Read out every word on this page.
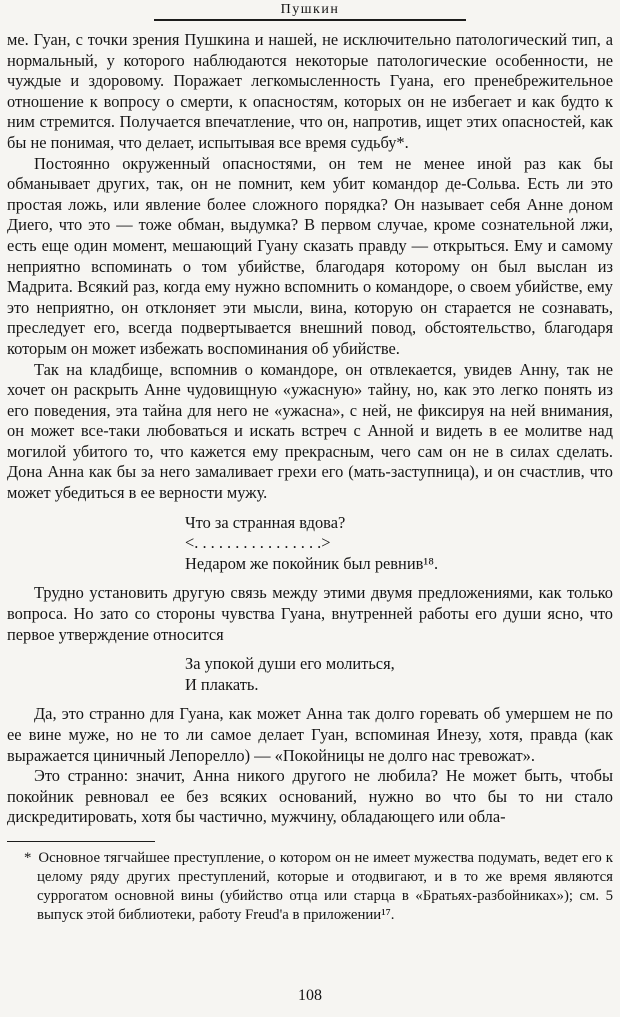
Пушкин

ме. Гуан, с точки зрения Пушкина и нашей, не исключительно патологический тип, а нормальный, у которого наблюдаются некоторые патологические особенности, не чуждые и здоровому. Поражает легкомысленность Гуана, его пренебрежительное отношение к вопросу о смерти, к опасностям, которых он не избегает и как будто к ним стремится. Получается впечатление, что он, напротив, ищет этих опасностей, как бы не понимая, что делает, испытывая все время судьбу*.

Постоянно окруженный опасностями, он тем не менее иной раз как бы обманывает других, так, он не помнит, кем убит командор де-Сольва. Есть ли это простая ложь, или явление более сложного порядка? Он называет себя Анне доном Диего, что это — тоже обман, выдумка? В первом случае, кроме сознательной лжи, есть еще один момент, мешающий Гуану сказать правду — открыться. Ему и самому неприятно вспоминать о том убийстве, благодаря которому он был выслан из Мадрита. Всякий раз, когда ему нужно вспомнить о командоре, о своем убийстве, ему это неприятно, он отклоняет эти мысли, вина, которую он старается не сознавать, преследует его, всегда подвертывается внешний повод, обстоятельство, благодаря которым он может избежать воспоминания об убийстве.

Так на кладбище, вспомнив о командоре, он отвлекается, увидев Анну, так не хочет он раскрыть Анне чудовищную «ужасную» тайну, но, как это легко понять из его поведения, эта тайна для него не «ужасна», с ней, не фиксируя на ней внимания, он может все-таки любоваться и искать встреч с Анной и видеть в ее молитве над могилой убитого то, что кажется ему прекрасным, чего сам он не в силах сделать. Дона Анна как бы за него замаливает грехи его (мать-заступница), и он счастлив, что может убедиться в ее верности мужу.

Что за странная вдова?
<. . . . . . . . . . . . . . . .>
Недаром же покойник был ревнив¹⁸.

Трудно установить другую связь между этими двумя предложениями, как только вопроса. Но зато со стороны чувства Гуана, внутренней работы его души ясно, что первое утверждение относится

За упокой души его молиться,
И плакать.

Да, это странно для Гуана, как может Анна так долго горевать об умершем не по ее вине муже, но не то ли самое делает Гуан, вспоминая Инезу, хотя, правда (как выражается циничный Лепорелло) — «Покойницы не долго нас тревожат».

Это странно: значит, Анна никого другого не любила? Не может быть, чтобы покойник ревновал ее без всяких оснований, нужно во что бы то ни стало дискредитировать, хотя бы частично, мужчину, обладающего или обла-

* Основное тягчайшее преступление, о котором он не имеет мужества подумать, ведет его к целому ряду других преступлений, которые и отодвигают, и в то же время являются суррогатом основной вины (убийство отца или старца в «Братьях-разбойниках»); см. 5 выпуск этой библиотеки, работу Freud'а в приложении¹⁷.
108
